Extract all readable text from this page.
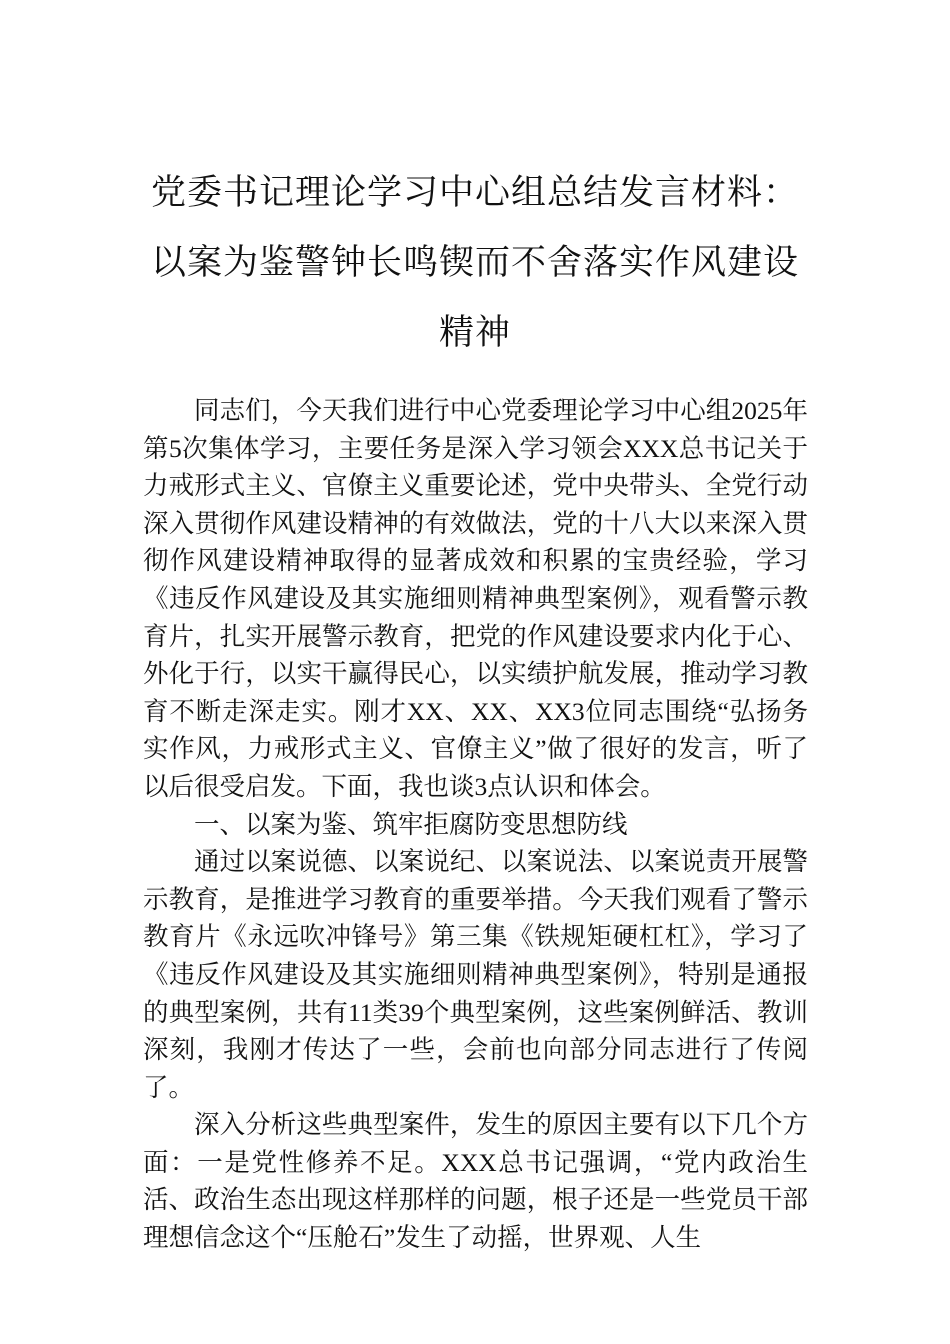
党委书记理论学习中心组总结发言材料：
以案为鉴警钟长鸣锲而不舍落实作风建设
精神

同志们，今天我们进行中心党委理论学习中心组2025年第5次集体学习，主要任务是深入学习领会XXX总书记关于力戒形式主义、官僚主义重要论述，党中央带头、全党行动深入贯彻作风建设精神的有效做法，党的十八大以来深入贯彻作风建设精神取得的显著成效和积累的宝贵经验，学习《违反作风建设及其实施细则精神典型案例》，观看警示教育片，扎实开展警示教育，把党的作风建设要求内化于心、外化于行，以实干赢得民心，以实绩护航发展，推动学习教育不断走深走实。刚才XX、XX、XX3位同志围绕“弘扬务实作风，力戒形式主义、官僚主义”做了很好的发言，听了以后很受启发。下面，我也谈3点认识和体会。

一、以案为鉴、筑牢拒腐防变思想防线

通过以案说德、以案说纪、以案说法、以案说责开展警示教育，是推进学习教育的重要举措。今天我们观看了警示教育片《永远吹冲锋号》第三集《铁规矩硬杠杠》，学习了《违反作风建设及其实施细则精神典型案例》，特别是通报的典型案例，共有11类39个典型案例，这些案例鲜活、教训深刻，我刚才传达了一些，会前也向部分同志进行了传阅了。

深入分析这些典型案件，发生的原因主要有以下几个方面：一是党性修养不足。XXX总书记强调，“党内政治生活、政治生态出现这样那样的问题，根子还是一些党员干部理想信念这个“压舱石”发生了动摇，世界观、人生
